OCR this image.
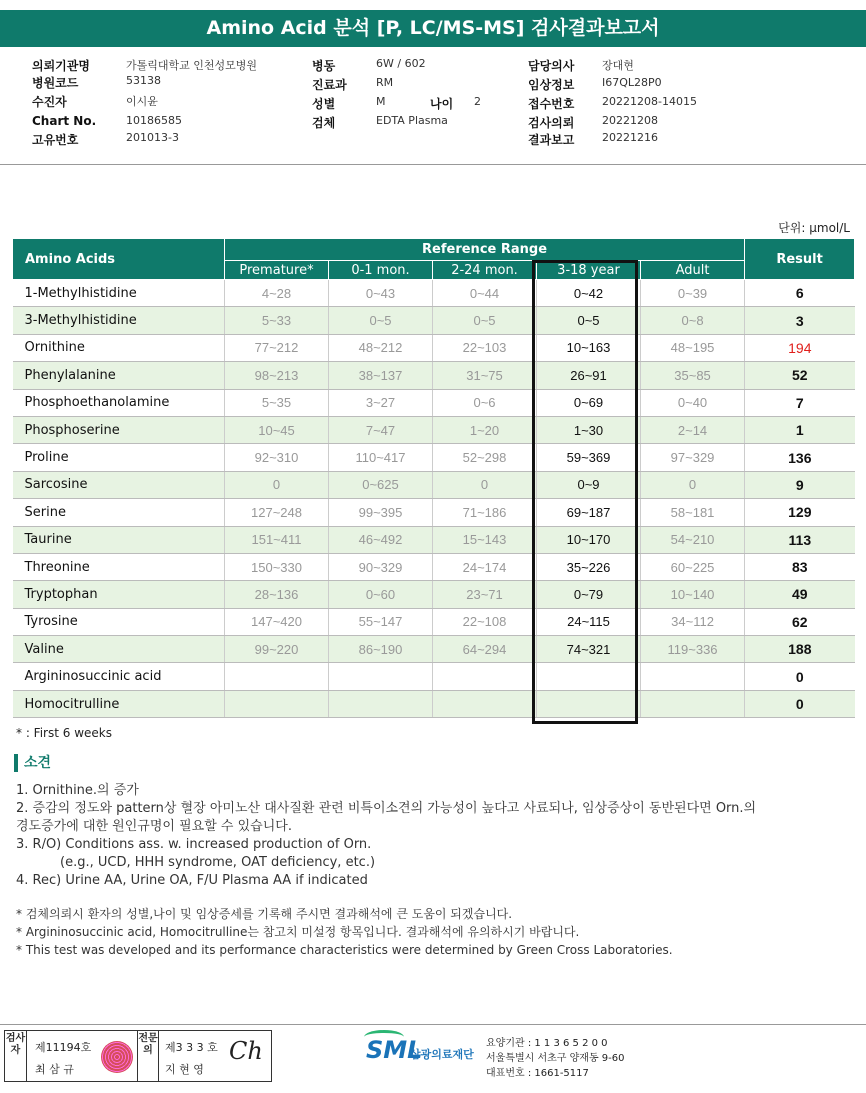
Amino Acid 분석 [P, LC/MS-MS] 검사결과보고서
의뢰기관명	가톨릭대학교 인천성모병원
병원코드	53138
수진자	이시윤
Chart No.	10186585
고유번호	201013-3
병동	6W / 602
진료과	RM
성별	M
검체	EDTA Plasma
담당의사	장대현
임상정보	I67QL28P0
접수번호	20221208-14015
검사의뢰	20221208
결과보고	20221216
나이 2
단위: µmol/L
Amino Acids	Reference Range					Result
	Premature*	0-1 mon.	2-24 mon.	3-18 year	Adult	
1-Methylhistidine	4~28	0~43	0~44	0~42	0~39	6
3-Methylhistidine	5~33	0~5	0~5	0~5	0~8	3
Ornithine	77~212	48~212	22~103	10~163	48~195	194
Phenylalanine	98~213	38~137	31~75	26~91	35~85	52
Phosphoethanolamine	5~35	3~27	0~6	0~69	0~40	7
Phosphoserine	10~45	7~47	1~20	1~30	2~14	1
Proline	92~310	110~417	52~298	59~369	97~329	136
Sarcosine	0	0~625	0	0~9	0	9
Serine	127~248	99~395	71~186	69~187	58~181	129
Taurine	151~411	46~492	15~143	10~170	54~210	113
Threonine	150~330	90~329	24~174	35~226	60~225	83
Tryptophan	28~136	0~60	23~71	0~79	10~140	49
Tyrosine	147~420	55~147	22~108	24~115	34~112	62
Valine	99~220	86~190	64~294	74~321	119~336	188
Argininosuccinic acid						0
Homocitrulline						0
* : First 6 weeks
소견
1. Ornithine.의 증가
2. 증감의 정도와 pattern상 혈장 아미노산 대사질환 관련 비특이소견의 가능성이 높다고 사료되나, 임상증상이 동반된다면 Orn.의
경도증가에 대한 원인규명이 필요할 수 있습니다.
3. R/O) Conditions ass. w. increased production of Orn.
(e.g., UCD, HHH syndrome, OAT deficiency, etc.)
4. Rec) Urine AA, Urine OA, F/U Plasma AA if indicated
* 검체의뢰시 환자의 성별,나이 및 임상증세를 기록해 주시면 결과해석에 큰 도움이 되겠습니다.
* Argininosuccinic acid, Homocitrulline는 참고치 미설정 항목입니다. 결과해석에 유의하시기 바랍니다.
* This test was developed and its performance characteristics were determined by Green Cross Laboratories.
검사자	제11194호
최 삼 규
전문의	제3 3 3 호
지 현 영
Ch	SML
삼광의료재단
요양기관 : 1 1 3 6 5 2 0 0
서울특별시 서초구 양재동 9-60
대표번호 : 1661-5117
